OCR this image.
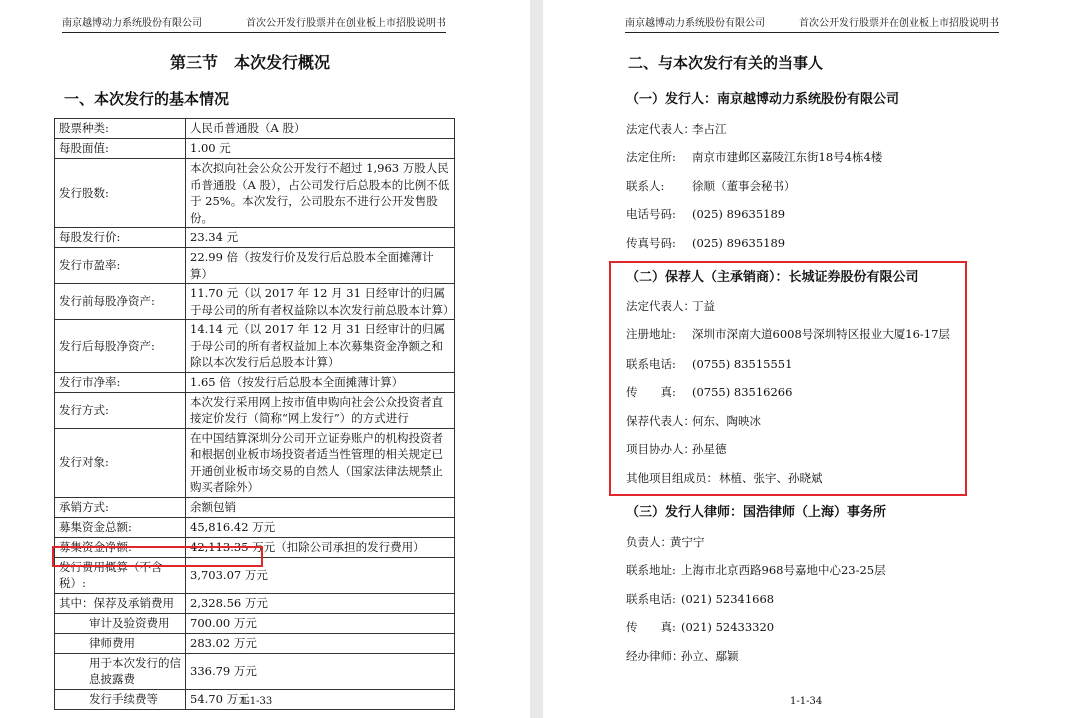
南京越博动力系统股份有限公司	首次公开发行股票并在创业板上市招股说明书
第三节　本次发行概况
一、本次发行的基本情况
股票种类:	人民币普通股（A 股）
每股面值:	1.00 元
发行股数:	本次拟向社会公众公开发行不超过 1,963 万股人民币普通股（A 股），占公司发行后总股本的比例不低于 25%。本次发行，公司股东不进行公开发售股份。
每股发行价:	23.34 元
发行市盈率:	22.99 倍（按发行价及发行后总股本全面摊薄计算）
发行前每股净资产:	11.70 元（以 2017 年 12 月 31 日经审计的归属于母公司的所有者权益除以本次发行前总股本计算）
发行后每股净资产:	14.14 元（以 2017 年 12 月 31 日经审计的归属于母公司的所有者权益加上本次募集资金净额之和除以本次发行后总股本计算）
发行市净率:	1.65 倍（按发行后总股本全面摊薄计算）
发行方式:	本次发行采用网上按市值申购向社会公众投资者直接定价发行（简称“网上发行”）的方式进行
发行对象:	在中国结算深圳分公司开立证券账户的机构投资者和根据创业板市场投资者适当性管理的相关规定已开通创业板市场交易的自然人（国家法律法规禁止购买者除外）
承销方式:	余额包销
募集资金总额:	45,816.42 万元
募集资金净额:	42,113.35 万元（扣除公司承担的发行费用）
发行费用概算（不含税）:	3,703.07 万元
其中：保荐及承销费用	2,328.56 万元
审计及验资费用	700.00 万元
律师费用	283.02 万元
用于本次发行的信息披露费	336.79 万元
发行手续费等	54.70 万元
1-1-33
南京越博动力系统股份有限公司	首次公开发行股票并在创业板上市招股说明书
二、与本次发行有关的当事人
（一）发行人：南京越博动力系统股份有限公司
法定代表人：
李占江
法定住所: 南京市建邺区嘉陵江东街18号4栋4楼
联系人: 徐顺（董事会秘书）
电话号码: (025) 89635189
传真号码: (025) 89635189
（二）保荐人（主承销商）：长城证券股份有限公司
法定代表人：
丁益
注册地址: 深圳市深南大道6008号深圳特区报业大厦16-17层
联系电话: (0755) 83515551
传　　真: (0755) 83516266
保荐代表人：
何东、陶映冰
项目协办人：
孙星德
其他项目组成员： 林植、张宇、孙晓斌
（三）发行人律师：国浩律师（上海）事务所
负责人：
黄宁宁
联系地址: 上海市北京西路968号嘉地中心23-25层
联系电话: (021) 52341668
传　　真: (021) 52433320
经办律师：
孙立、鄢颖
1-1-34
